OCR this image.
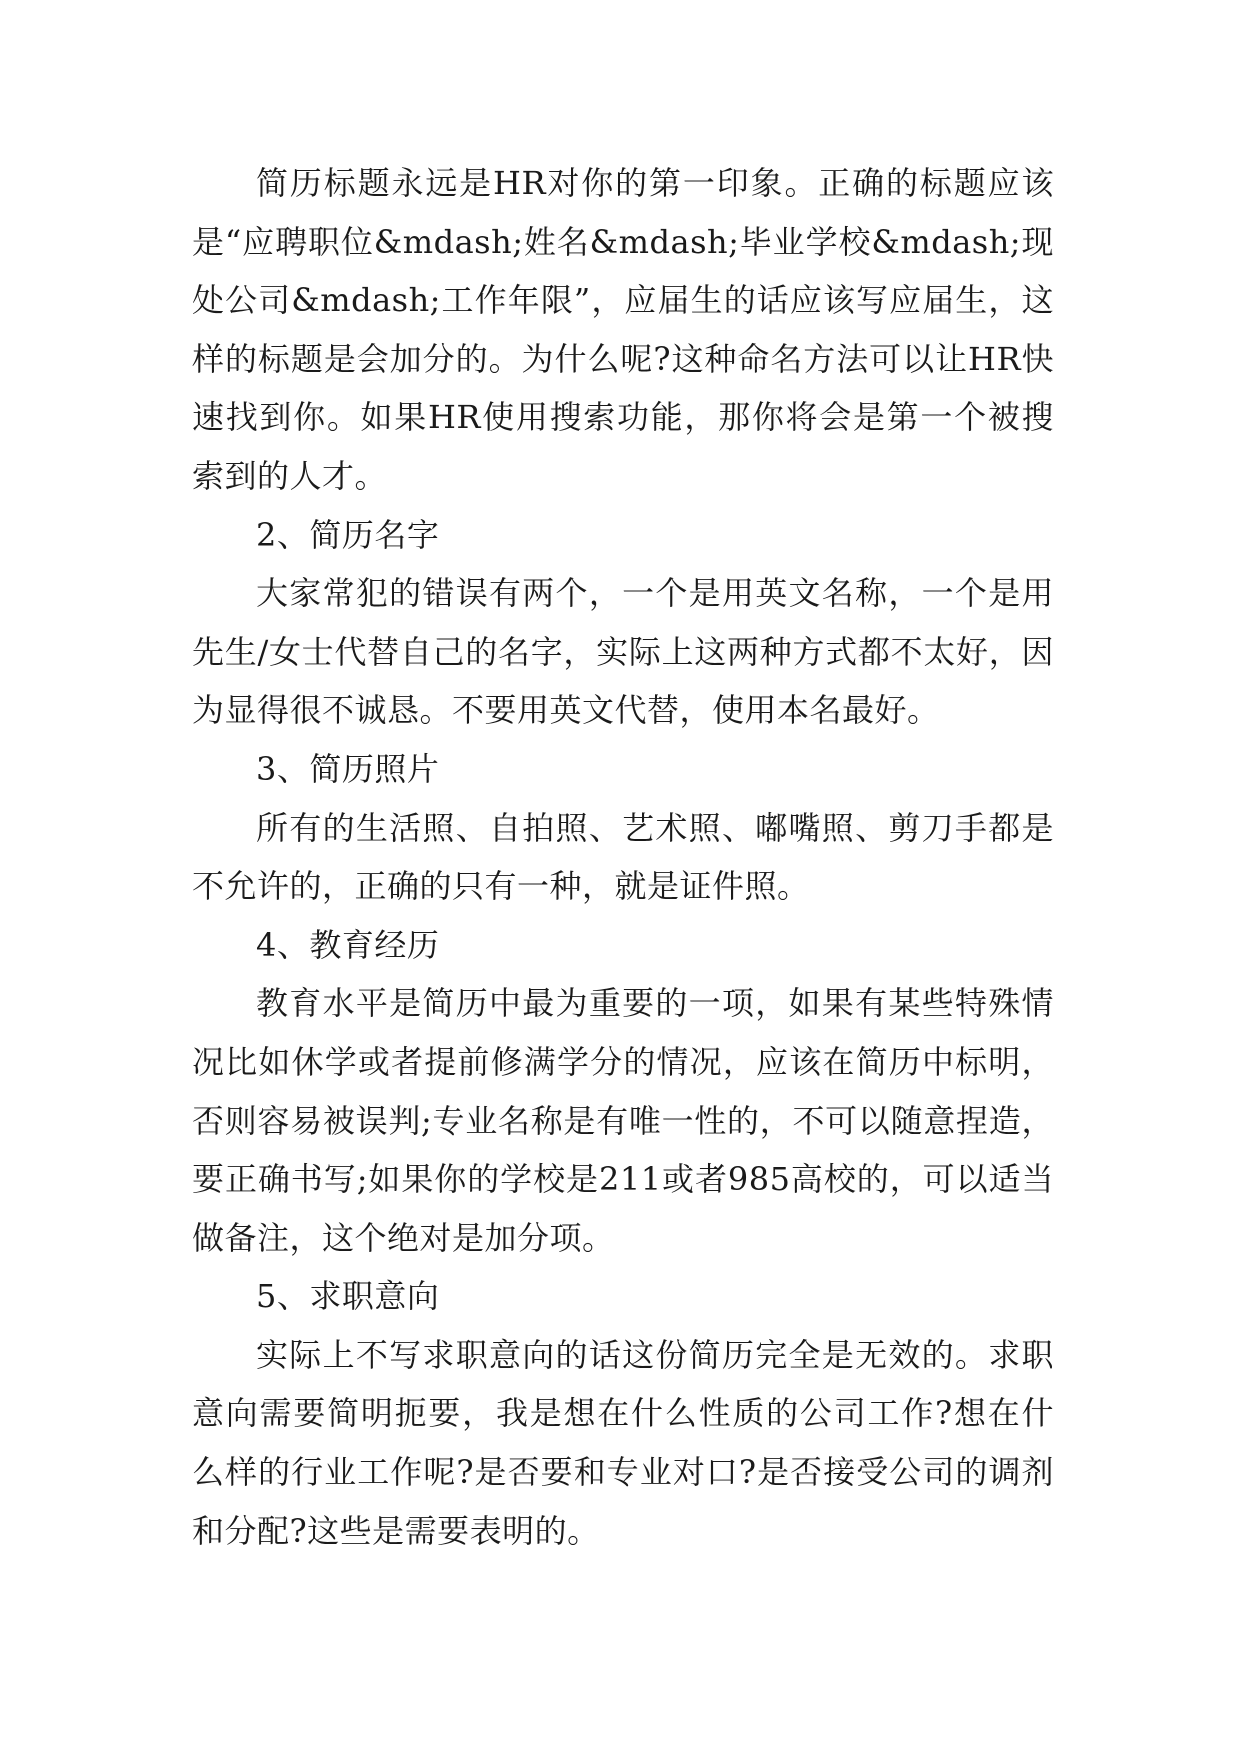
简历标题永远是HR对你的第一印象。正确的标题应该是“应聘职位&mdash;姓名&mdash;毕业学校&mdash;现处公司&mdash;工作年限”，应届生的话应该写应届生，这样的标题是会加分的。为什么呢?这种命名方法可以让HR快速找到你。如果HR使用搜索功能，那你将会是第一个被搜索到的人才。

2、简历名字

大家常犯的错误有两个，一个是用英文名称，一个是用先生/女士代替自己的名字，实际上这两种方式都不太好，因为显得很不诚恳。不要用英文代替，使用本名最好。

3、简历照片

所有的生活照、自拍照、艺术照、嘟嘴照、剪刀手都是不允许的，正确的只有一种，就是证件照。

4、教育经历

教育水平是简历中最为重要的一项，如果有某些特殊情况比如休学或者提前修满学分的情况，应该在简历中标明，否则容易被误判;专业名称是有唯一性的，不可以随意捏造，要正确书写;如果你的学校是211或者985高校的，可以适当做备注，这个绝对是加分项。

5、求职意向

实际上不写求职意向的话这份简历完全是无效的。求职意向需要简明扼要，我是想在什么性质的公司工作?想在什么样的行业工作呢?是否要和专业对口?是否接受公司的调剂和分配?这些是需要表明的。
